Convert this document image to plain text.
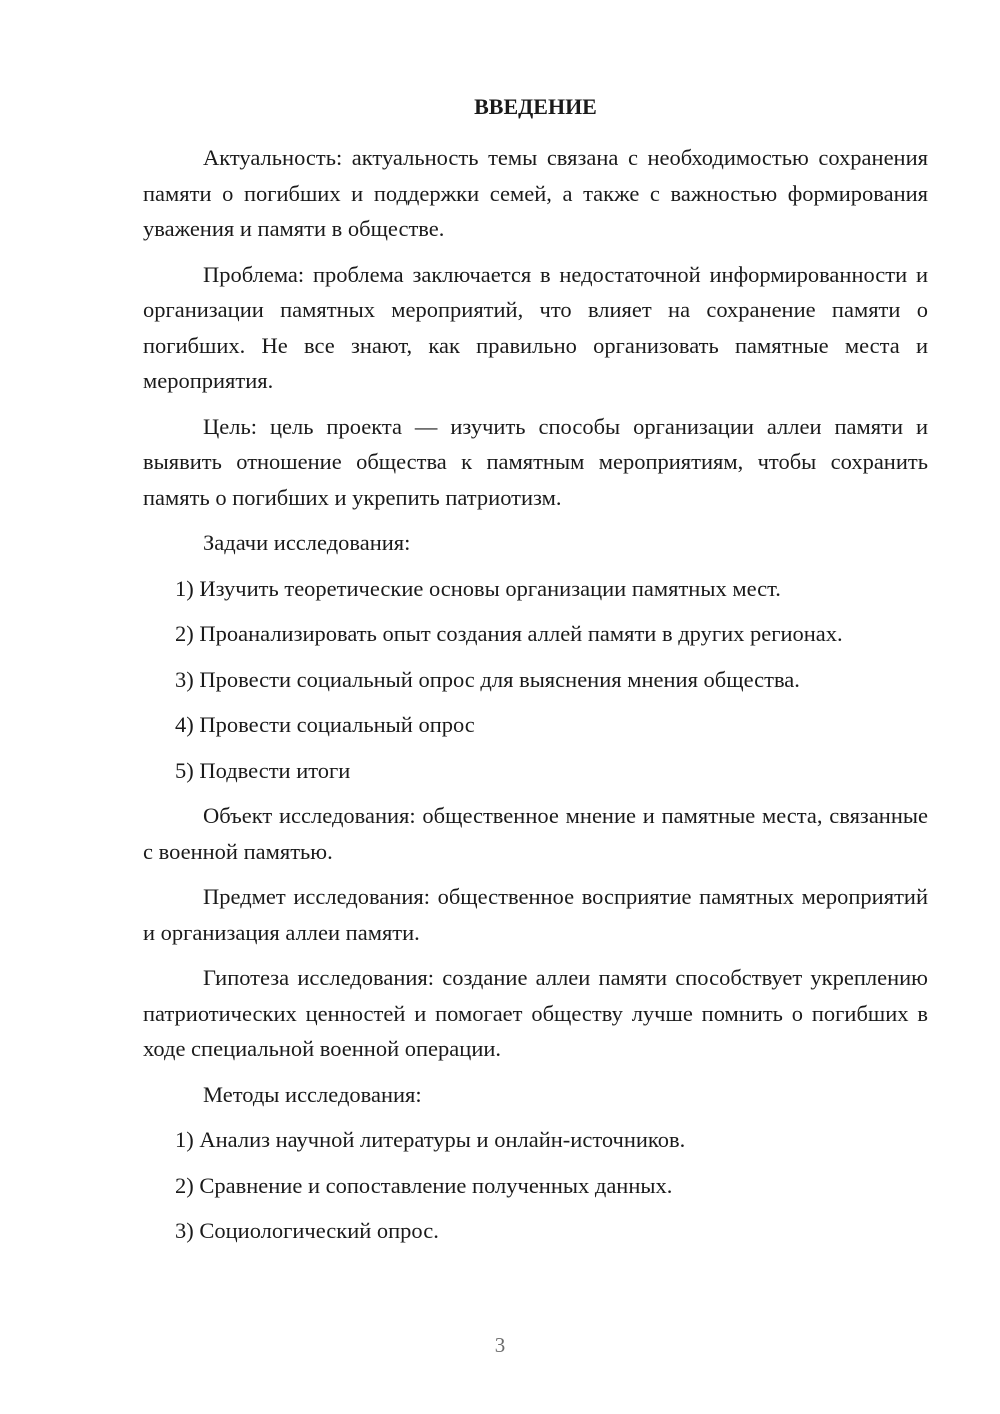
ВВЕДЕНИЕ

Актуальность: актуальность темы связана с необходимостью сохранения памяти о погибших и поддержки семей, а также с важностью формирования уважения и памяти в обществе.

Проблема: проблема заключается в недостаточной информированности и организации памятных мероприятий, что влияет на сохранение памяти о погибших. Не все знают, как правильно организовать памятные места и мероприятия.

Цель: цель проекта — изучить способы организации аллеи памяти и выявить отношение общества к памятным мероприятиям, чтобы сохранить память о погибших и укрепить патриотизм.

Задачи исследования:

1) Изучить теоретические основы организации памятных мест.
2) Проанализировать опыт создания аллей памяти в других регионах.
3) Провести социальный опрос для выяснения мнения общества.
4) Провести социальный опрос
5) Подвести итоги

Объект исследования: общественное мнение и памятные места, связанные с военной памятью.

Предмет исследования: общественное восприятие памятных мероприятий и организация аллеи памяти.

Гипотеза исследования: создание аллеи памяти способствует укреплению патриотических ценностей и помогает обществу лучше помнить о погибших в ходе специальной военной операции.

Методы исследования:

1) Анализ научной литературы и онлайн-источников.
2) Сравнение и сопоставление полученных данных.
3) Социологический опрос.
3
